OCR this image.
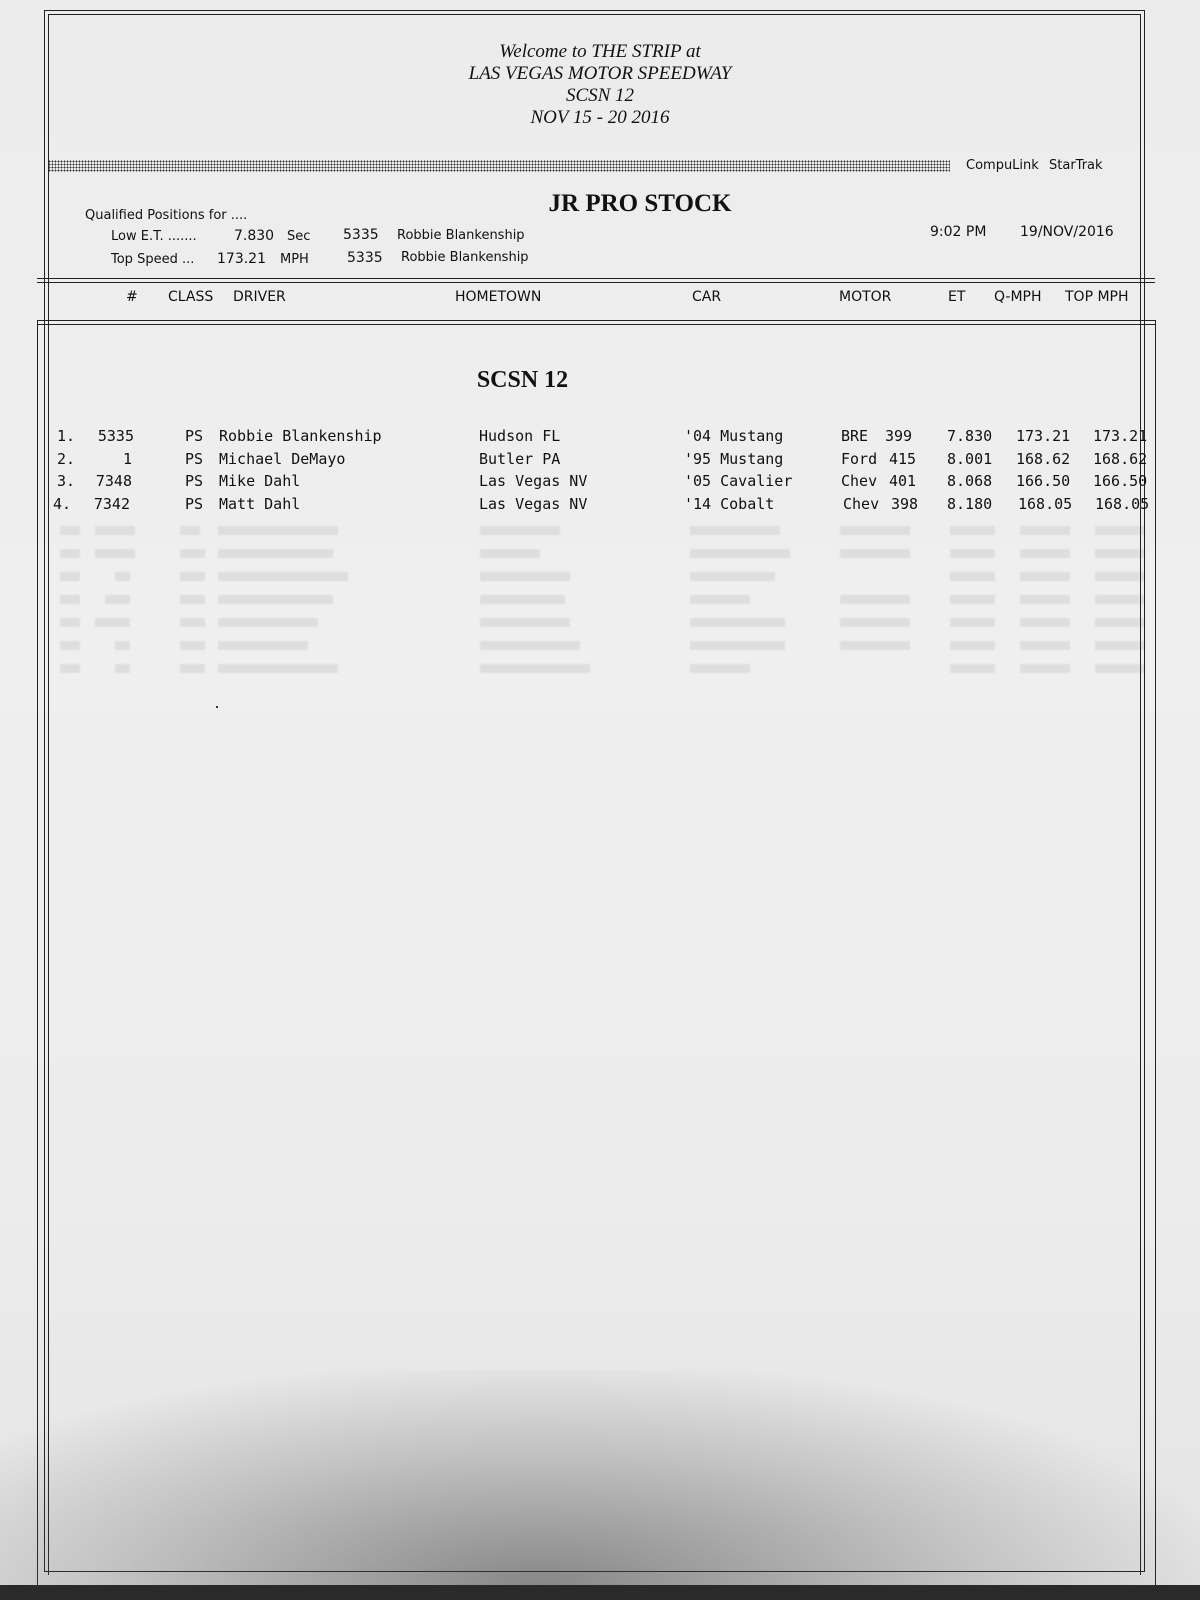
Welcome to THE STRIP at
LAS VEGAS MOTOR SPEEDWAY
SCSN 12
NOV 15 - 20 2016
CompuLink StarTrak
JR PRO STOCK
Qualified Positions for ....
Low E.T. .......	7.830 Sec 5335 Robbie Blankenship
Top Speed ... 173.21 MPH	5335 Robbie Blankenship
9:02 PM 19/NOV/2016
# CLASS DRIVER	HOMETOWN	CAR	MOTOR	ET Q-MPH TOP MPH
SCSN 12
1.	5335	PS Robbie Blankenship	Hudson FL	'04 Mustang	BRE 399 7.830 173.21 173.21
2.	1	PS Michael DeMayo	Butler PA	'95 Mustang	Ford 415 8.001 168.62 168.62
3.	7348	PS Mike Dahl	Las Vegas NV	'05 Cavalier	Chev 401 8.068 166.50 166.50
4.	7342	PS Matt Dahl	Las Vegas NV	'14 Cobalt	Chev 398 8.180 168.05 168.05
